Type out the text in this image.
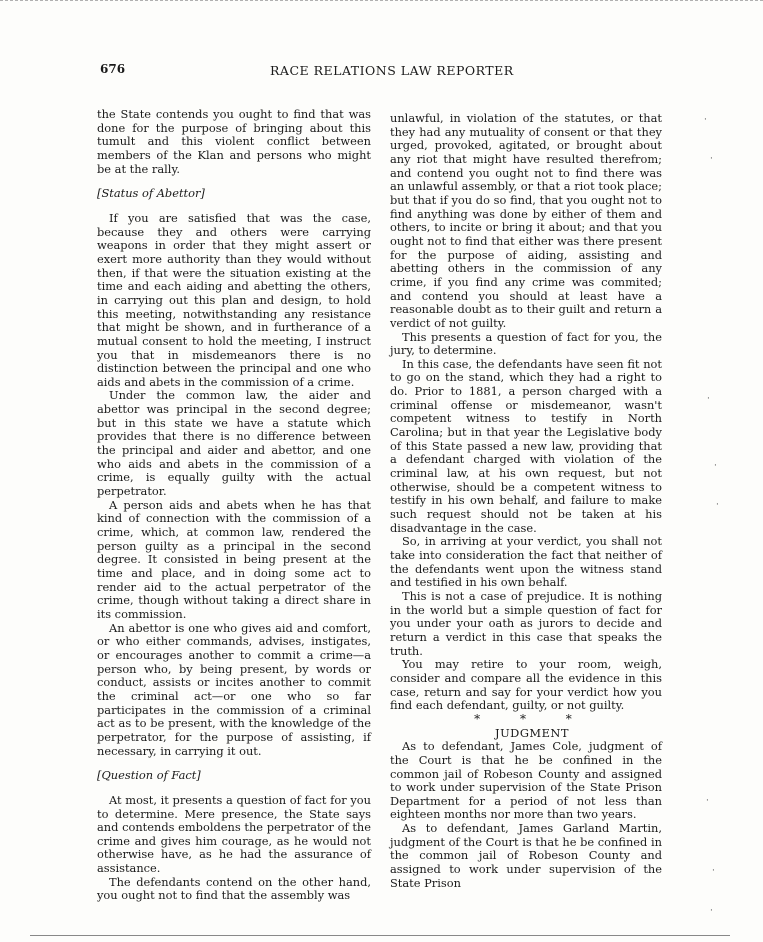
676	RACE RELATIONS LAW REPORTER

the State contends you ought to find that was done for the purpose of bringing about this tumult and this violent conflict between members of the Klan and persons who might be at the rally.

[Status of Abettor]

If you are satisfied that was the case, because they and others were carrying weapons in order that they might assert or exert more authority than they would without then, if that were the situation existing at the time and each aiding and abetting the others, in carrying out this plan and design, to hold this meeting, notwithstanding any resistance that might be shown, and in furtherance of a mutual consent to hold the meeting, I instruct you that in misdemeanors there is no distinction between the principal and one who aids and abets in the commission of a crime.

Under the common law, the aider and abettor was principal in the second degree; but in this state we have a statute which provides that there is no difference between the principal and aider and abettor, and one who aids and abets in the commission of a crime, is equally guilty with the actual perpetrator.

A person aids and abets when he has that kind of connection with the commission of a crime, which, at common law, rendered the person guilty as a principal in the second degree. It consisted in being present at the time and place, and in doing some act to render aid to the actual perpetrator of the crime, though without taking a direct share in its commission.

An abettor is one who gives aid and comfort, or who either commands, advises, instigates, or encourages another to commit a crime—a person who, by being present, by words or conduct, assists or incites another to commit the criminal act—or one who so far participates in the commission of a criminal act as to be present, with the knowledge of the perpetrator, for the purpose of assisting, if necessary, in carrying it out.

[Question of Fact]

At most, it presents a question of fact for you to determine. Mere presence, the State says and contends emboldens the perpetrator of the crime and gives him courage, as he would not otherwise have, as he had the assurance of assistance.

The defendants contend on the other hand, you ought not to find that the assembly was

unlawful, in violation of the statutes, or that they had any mutuality of consent or that they urged, provoked, agitated, or brought about any riot that might have resulted therefrom; and contend you ought not to find there was an unlawful assembly, or that a riot took place; but that if you do so find, that you ought not to find anything was done by either of them and others, to incite or bring it about; and that you ought not to find that either was there present for the purpose of aiding, assisting and abetting others in the commission of any crime, if you find any crime was commited; and contend you should at least have a reasonable doubt as to their guilt and return a verdict of not guilty.

This presents a question of fact for you, the jury, to determine.

In this case, the defendants have seen fit not to go on the stand, which they had a right to do. Prior to 1881, a person charged with a criminal offense or misdemeanor, wasn't competent witness to testify in North Carolina; but in that year the Legislative body of this State passed a new law, providing that a defendant charged with violation of the criminal law, at his own request, but not otherwise, should be a competent witness to testify in his own behalf, and failure to make such request should not be taken at his disadvantage in the case.

So, in arriving at your verdict, you shall not take into consideration the fact that neither of the defendants went upon the witness stand and testified in his own behalf.

This is not a case of prejudice. It is nothing in the world but a simple question of fact for you under your oath as jurors to decide and return a verdict in this case that speaks the truth.

You may retire to your room, weigh, consider and compare all the evidence in this case, return and say for your verdict how you find each defendant, guilty, or not guilty.

* * *

JUDGMENT

As to defendant, James Cole, judgment of the Court is that he be confined in the common jail of Robeson County and assigned to work under supervision of the State Prison Department for a period of not less than eighteen months nor more than two years.

As to defendant, James Garland Martin, judgment of the Court is that he be confined in the common jail of Robeson County and assigned to work under supervision of the State Prison

·
·
·
·
·
·
·
·
